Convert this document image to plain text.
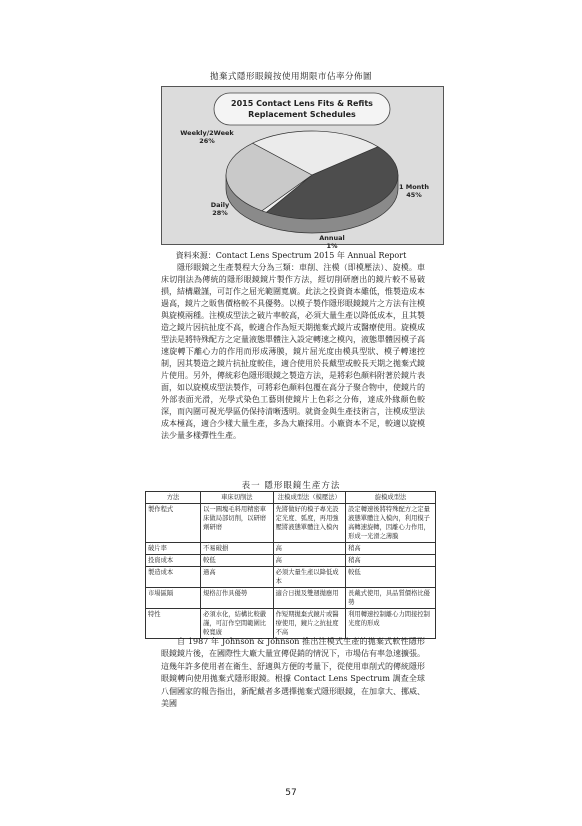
拋棄式隱形眼鏡按使用期限市佔率分佈圖
2015 Contact Lens Fits & Refits
Replacement Schedules
1 Month
45%
Annual
1%
Daily
28%
Weekly/2Week
26%
資料來源：Contact Lens Spectrum 2015 年 Annual Report

隱形眼鏡之生產製程大分為三類：車削、注模（即模壓法）、旋模。車床切削法為傳統的隱形眼鏡鏡片製作方法，經切削研磨出的鏡片較不易破損，結構嚴謹，可訂作之屈光範圍寬廣。此法之投資資本雖低，惟製造成本過高，鏡片之販售價格較不具優勢。以模子製作隱形眼鏡鏡片之方法有注模與旋模兩種。注模成型法之破片率較高，必須大量生產以降低成本，且其製造之鏡片因抗扯度不高，較適合作為短天期拋棄式鏡片或醫療使用。旋模成型法是將特殊配方之定量液態單體注入設定轉速之模內，液態單體因模子高速旋轉下離心力的作用而形成薄膜，鏡片屈光度由模具型狀、模子轉速控制，因其製造之鏡片抗扯度較佳，適合使用於長戴型或較長天期之拋棄式鏡片使用。另外，傳統彩色隱形眼鏡之製造方法，是將彩色顏料附著於鏡片表面，如以旋模成型法製作，可將彩色顏料包覆在高分子聚合物中，使鏡片的外部表面光滑，光學式染色工藝則使鏡片上色彩之分佈，達成外緣顏色較深，而內圍可視光學區仍保持清晰透明。就資金與生產技術言，注模成型法成本極高，適合少樣大量生產，多為大廠採用。小廠資本不足，較適以旋模法少量多樣彈性生產。

表一 隱形眼鏡生產方法
方法	車床切削法	注模成型法（模壓法）	旋模成型法
製作程式	以一圓塊毛料用精密車床做局部切削，以研磨劑研磨	先將做好的模子專光設定光度、弧度，再用強壓將液態單體注入模內	設定轉速後將特殊配方之定量液態單體注入模內，利用模子高轉速旋轉，因離心力作用，形成一光滑之薄膜
破片率	不易破損	高	稍高
投資成本	較低	高	稍高
製造成本	過高	必須大量生產以降低成本	較低
市場區隔	規格訂作具優勢	適合日拋及雙週拋應用	長戴式使用，具品質價格比優勢
特性	必須水化，結構比較嚴謹，可訂作空間範圍比較寬廣	作短期拋棄式鏡片或醫療使用，鏡片之抗扯度不高	利用轉速控制離心力間接控制光度的形成

自 1987 年 Johnson & Johnson 推出注模式生產的拋棄式軟性隱形眼鏡鏡片後，在國際性大廠大量宣傳促銷的情況下，市場佔有率急速擴張。這幾年許多使用者在衛生、舒適與方便的考量下，從使用車削式的傳統隱形眼鏡轉向使用拋棄式隱形眼鏡。根據 Contact Lens Spectrum 調查全球八個國家的報告指出，新配戴者多選擇拋棄式隱形眼鏡，在加拿大、挪威、美國

57
